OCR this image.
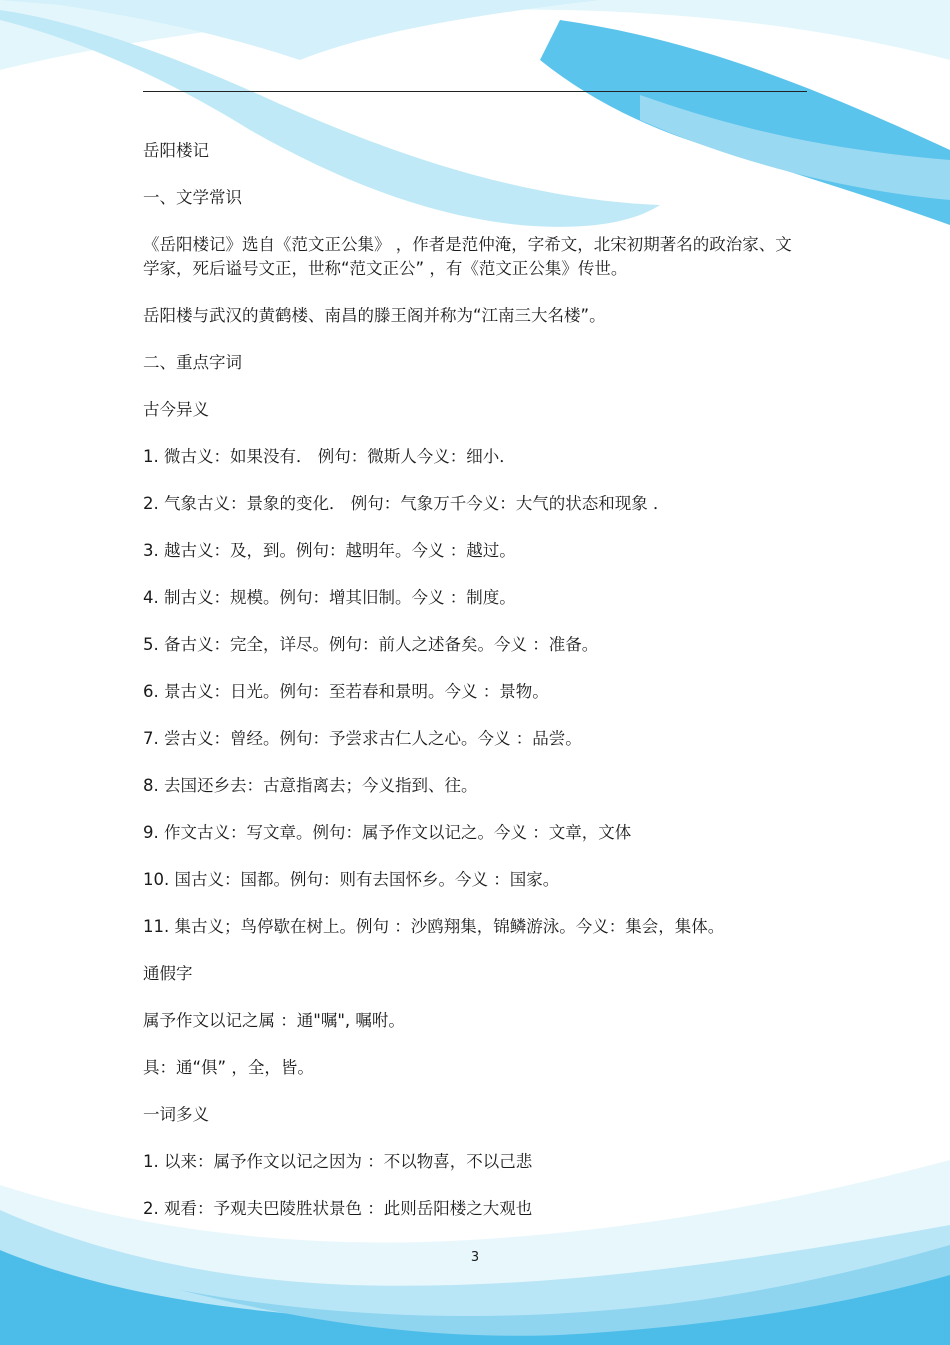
岳阳楼记

一、文学常识

《岳阳楼记》选自《范文正公集》 ，作者是范仲淹，字希文，北宋初期著名的政治家、文学家，死后谥号文正，世称“范文正公” ，有《范文正公集》传世。

岳阳楼与武汉的黄鹤楼、南昌的滕王阁并称为“江南三大名楼”。

二、重点字词

古今异义

1. 微古义：如果没有． 例句：微斯人今义：细小．

2. 气象古义：景象的变化． 例句：气象万千今义：大气的状态和现象 ．

3. 越古义：及，到。例句：越明年。今义 ：越过。

4. 制古义：规模。例句：增其旧制。今义 ：制度。

5. 备古义：完全，详尽。例句：前人之述备矣。今义 ：准备。

6. 景古义：日光。例句：至若春和景明。今义 ：景物。

7. 尝古义：曾经。例句：予尝求古仁人之心。今义 ：品尝。

8. 去国还乡去：古意指离去；今义指到、往。

9. 作文古义：写文章。例句：属予作文以记之。今义 ：文章，文体

10. 国古义：国都。例句：则有去国怀乡。今义 ：国家。

11. 集古义；鸟停歇在树上。例句 ：沙鸥翔集，锦鳞游泳。今义：集会，集体。

通假字

属予作文以记之属 ：通"嘱", 嘱咐。

具：通“俱” ，全，皆。

一词多义

1. 以来：属予作文以记之因为 ：不以物喜，不以己悲

2. 观看：予观夫巴陵胜状景色 ：此则岳阳楼之大观也

3
